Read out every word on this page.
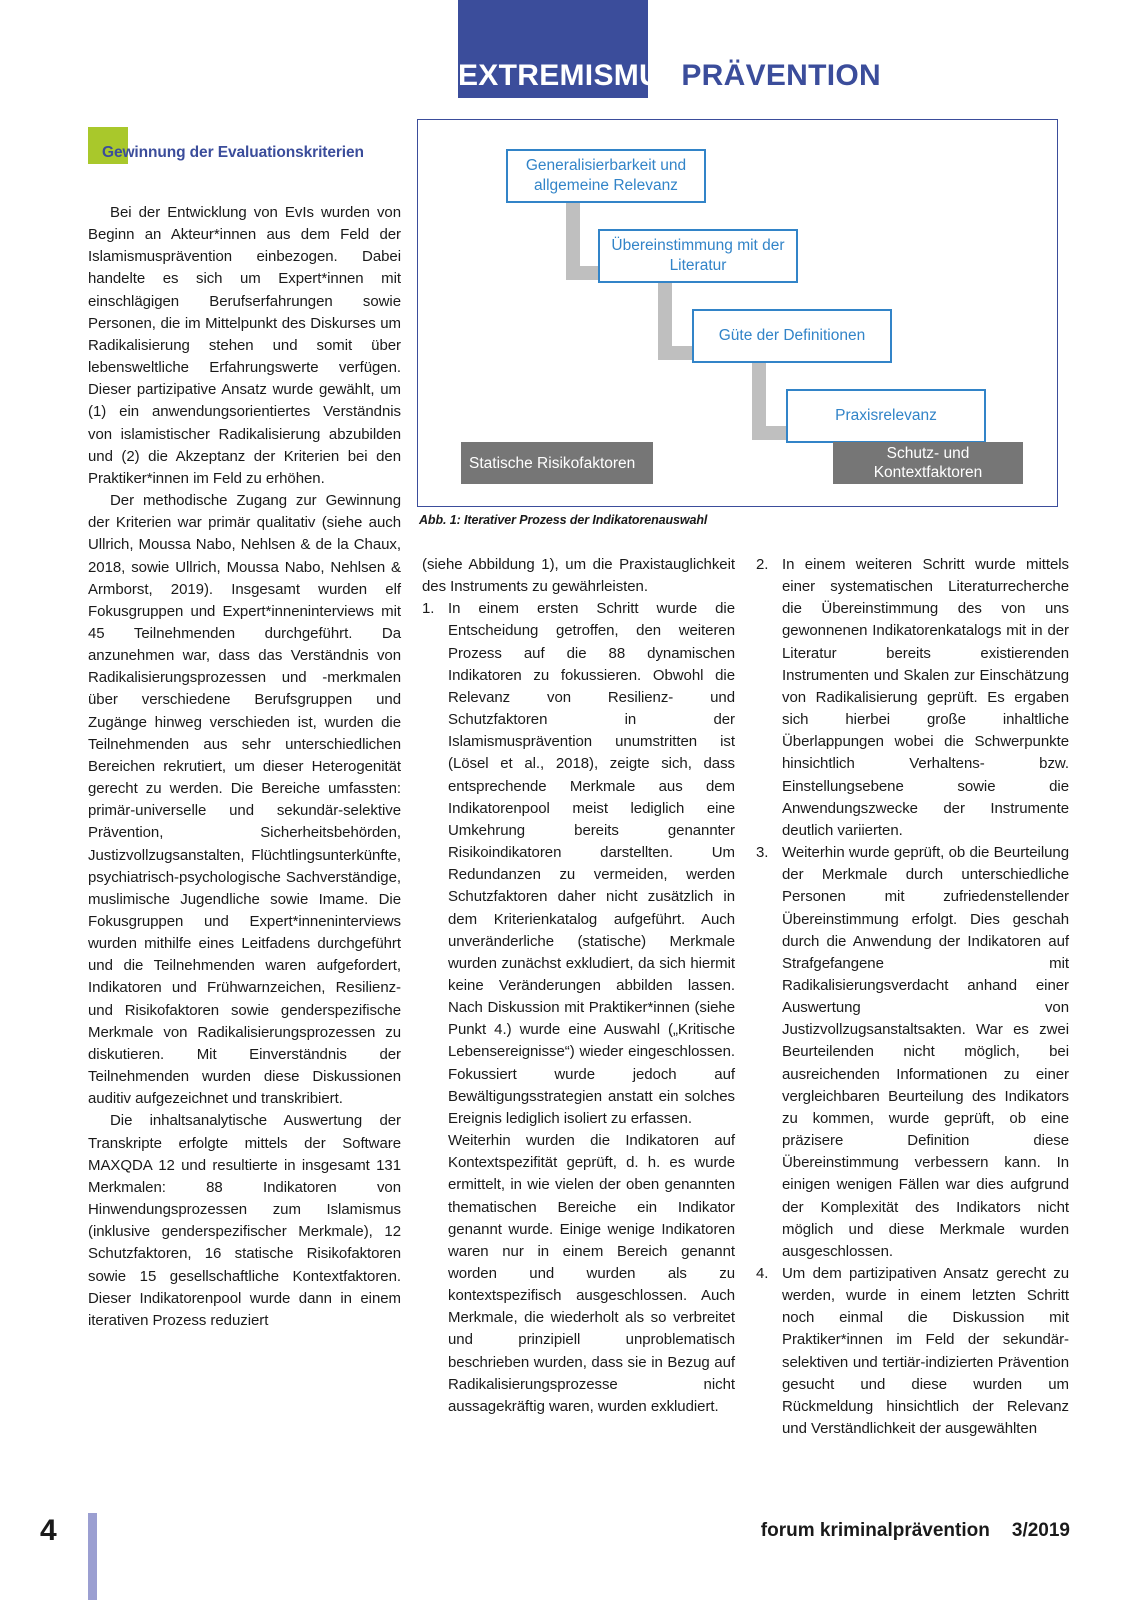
EXTREMISMUSPRÄVENTION
Gewinnung der Evaluationskriterien

Bei der Entwicklung von EvIs wurden von Beginn an Akteur*innen aus dem Feld der Islamismusprävention einbezogen. Dabei handelte es sich um Expert*innen mit einschlägigen Berufserfahrungen sowie Personen, die im Mittelpunkt des Diskurses um Radikalisierung stehen und somit über lebensweltliche Erfahrungswerte verfügen. Dieser partizipative Ansatz wurde gewählt, um (1) ein anwendungsorientiertes Verständnis von islamistischer Radikalisierung abzubilden und (2) die Akzeptanz der Kriterien bei den Praktiker*innen im Feld zu erhöhen.

Der methodische Zugang zur Gewinnung der Kriterien war primär qualitativ (siehe auch Ullrich, Moussa Nabo, Nehlsen & de la Chaux, 2018, sowie Ullrich, Moussa Nabo, Nehlsen & Armborst, 2019). Insgesamt wurden elf Fokusgruppen und Expert*inneninterviews mit 45 Teilnehmenden durchgeführt. Da anzunehmen war, dass das Verständnis von Radikalisierungsprozessen und -merkmalen über verschiedene Berufsgruppen und Zugänge hinweg verschieden ist, wurden die Teilnehmenden aus sehr unterschiedlichen Bereichen rekrutiert, um dieser Heterogenität gerecht zu werden. Die Bereiche umfassten: primär-universelle und sekundär-selektive Prävention, Sicherheitsbehörden, Justizvollzugsanstalten, Flüchtlingsunterkünfte, psychiatrisch-psychologische Sachverständige, muslimische Jugendliche sowie Imame. Die Fokusgruppen und Expert*inneninterviews wurden mithilfe eines Leitfadens durchgeführt und die Teilnehmenden waren aufgefordert, Indikatoren und Frühwarnzeichen, Resilienz- und Risikofaktoren sowie genderspezifische Merkmale von Radikalisierungsprozessen zu diskutieren. Mit Einverständnis der Teilnehmenden wurden diese Diskussionen auditiv aufgezeichnet und transkribiert.

Die inhaltsanalytische Auswertung der Transkripte erfolgte mittels der Software MAXQDA 12 und resultierte in insgesamt 131 Merkmalen: 88 Indikatoren von Hinwendungsprozessen zum Islamismus (inklusive genderspezifischer Merkmale), 12 Schutzfaktoren, 16 statische Risikofaktoren sowie 15 gesellschaftliche Kontextfaktoren. Dieser Indikatorenpool wurde dann in einem iterativen Prozess reduziert

(siehe Abbildung 1), um die Praxistauglichkeit des Instruments zu gewährleisten.

1. In einem ersten Schritt wurde die Entscheidung getroffen, den weiteren Prozess auf die 88 dynamischen Indikatoren zu fokussieren. Obwohl die Relevanz von Resilienz- und Schutzfaktoren in der Islamismusprävention unumstritten ist (Lösel et al., 2018), zeigte sich, dass entsprechende Merkmale aus dem Indikatorenpool meist lediglich eine Umkehrung bereits genannter Risikoindikatoren darstellten. Um Redundanzen zu vermeiden, werden Schutzfaktoren daher nicht zusätzlich in dem Kriterienkatalog aufgeführt. Auch unveränderliche (statische) Merkmale wurden zunächst exkludiert, da sich hiermit keine Veränderungen abbilden lassen. Nach Diskussion mit Praktiker*innen (siehe Punkt 4.) wurde eine Auswahl („Kritische Lebensereignisse“) wieder eingeschlossen. Fokussiert wurde jedoch auf Bewältigungsstrategien anstatt ein solches Ereignis lediglich isoliert zu erfassen.
Weiterhin wurden die Indikatoren auf Kontextspezifität geprüft, d. h. es wurde ermittelt, in wie vielen der oben genannten thematischen Bereiche ein Indikator genannt wurde. Einige wenige Indikatoren waren nur in einem Bereich genannt worden und wurden als zu kontextspezifisch ausgeschlossen. Auch Merkmale, die wiederholt als so verbreitet und prinzipiell unproblematisch beschrieben wurden, dass sie in Bezug auf Radikalisierungsprozesse nicht aussagekräftig waren, wurden exkludiert.
2. In einem weiteren Schritt wurde mittels einer systematischen Literaturrecherche die Übereinstimmung des von uns gewonnenen Indikatorenkatalogs mit in der Literatur bereits existierenden Instrumenten und Skalen zur Einschätzung von Radikalisierung geprüft. Es ergaben sich hierbei große inhaltliche Überlappungen wobei die Schwerpunkte hinsichtlich Verhaltens- bzw. Einstellungsebene sowie die Anwendungszwecke der Instrumente deutlich variierten.
3. Weiterhin wurde geprüft, ob die Beurteilung der Merkmale durch unterschiedliche Personen mit zufriedenstellender Übereinstimmung erfolgt. Dies geschah durch die Anwendung der Indikatoren auf Strafgefangene mit Radikalisierungsverdacht anhand einer Auswertung von Justizvollzugsanstaltsakten. War es zwei Beurteilenden nicht möglich, bei ausreichenden Informationen zu einer vergleichbaren Beurteilung des Indikators zu kommen, wurde geprüft, ob eine präzisere Definition diese Übereinstimmung verbessern kann. In einigen wenigen Fällen war dies aufgrund der Komplexität des Indikators nicht möglich und diese Merkmale wurden ausgeschlossen.
4. Um dem partizipativen Ansatz gerecht zu werden, wurde in einem letzten Schritt noch einmal die Diskussion mit Praktiker*innen im Feld der sekundär-selektiven und tertiär-indizierten Prävention gesucht und diese wurden um Rückmeldung hinsichtlich der Relevanz und Verständlichkeit der ausgewählten
Generalisierbarkeit und allgemeine Relevanz
Übereinstimmung mit der Literatur
Güte der Definitionen
Praxisrelevanz
Statische Risikofaktoren
Schutz- und Kontextfaktoren
Abb. 1: Iterativer Prozess der Indikatorenauswahl
4	forum kriminalprävention 3/2019
